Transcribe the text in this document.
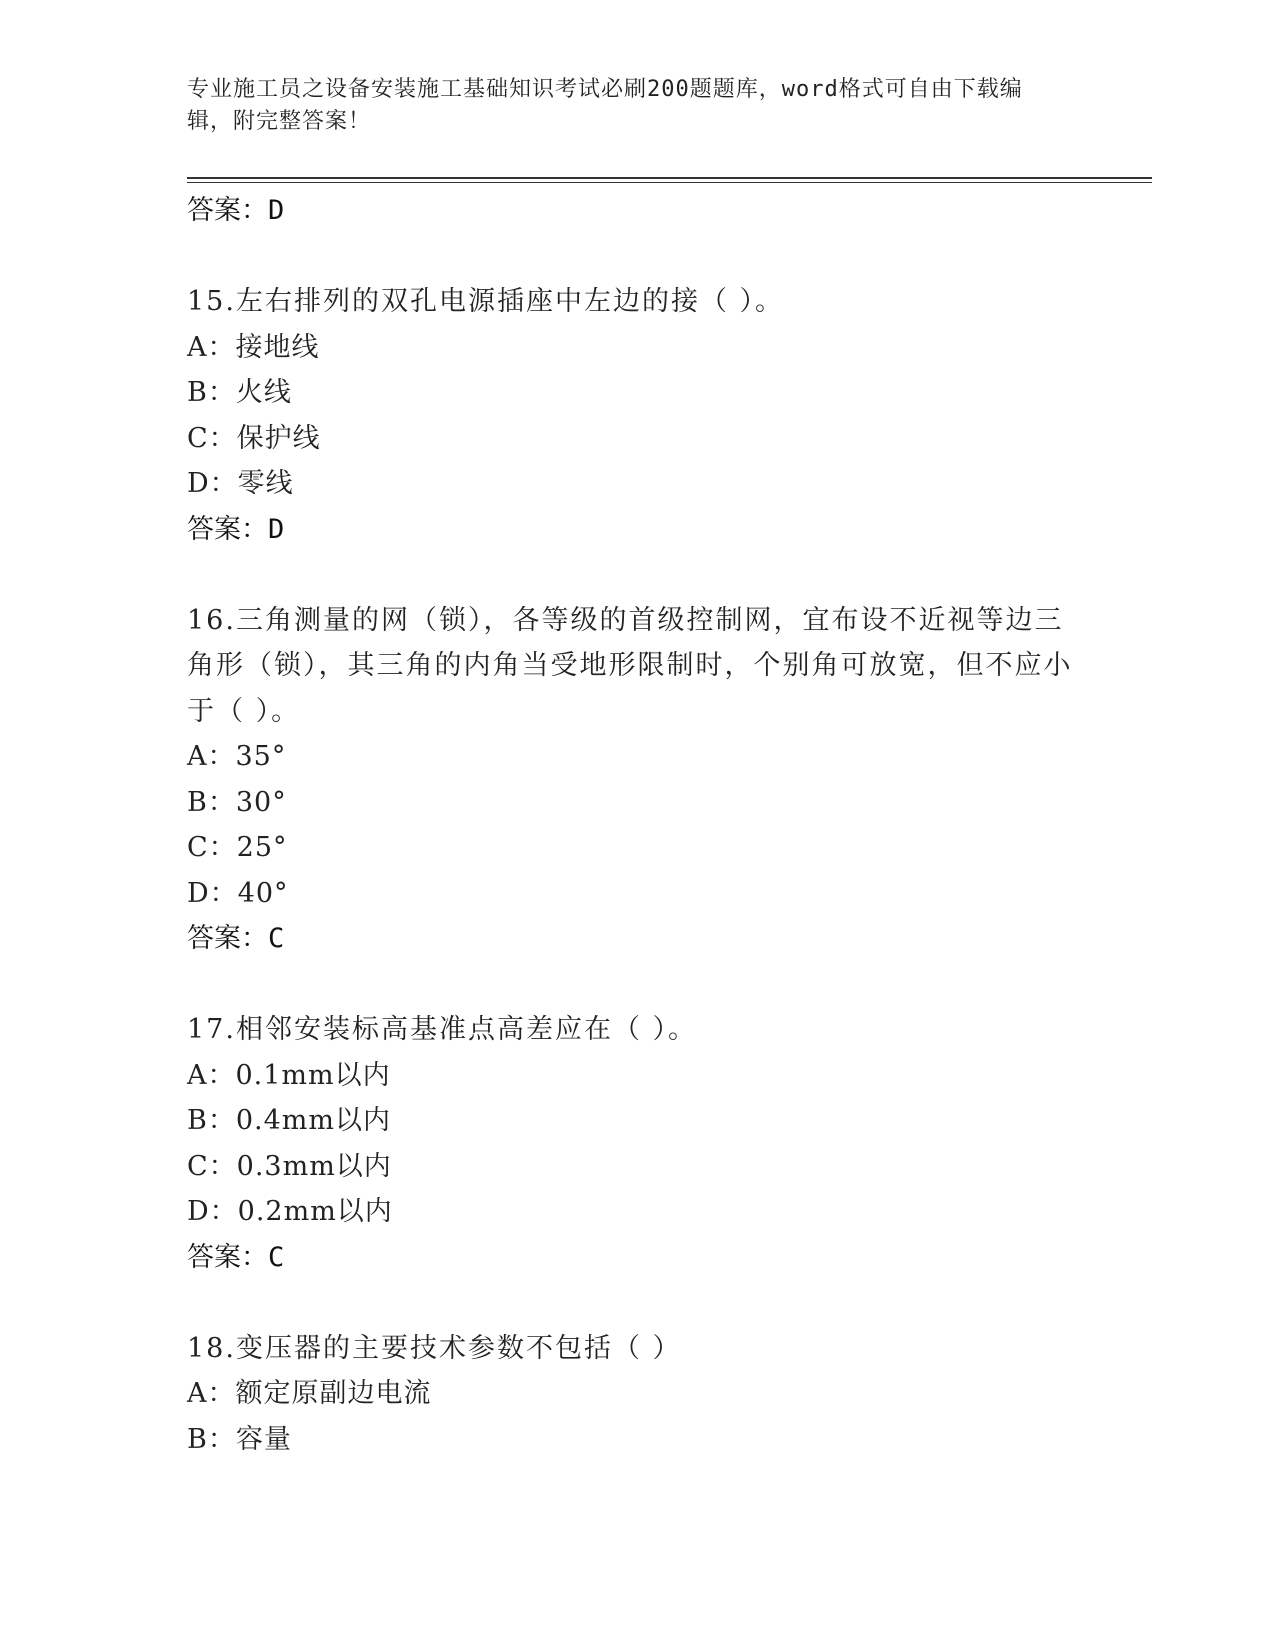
专业施工员之设备安装施工基础知识考试必刷200题题库，word格式可自由下载编辑，附完整答案！
答案：D
15.左右排列的双孔电源插座中左边的接（ ）。
A：接地线
B：火线
C：保护线
D：零线
答案：D
16.三角测量的网（锁），各等级的首级控制网，宜布设不近视等边三角形（锁），其三角的内角当受地形限制时，个别角可放宽，但不应小于（ ）。
A：35°
B：30°
C：25°
D：40°
答案：C
17.相邻安装标高基准点高差应在（ ）。
A：0.1mm以内
B：0.4mm以内
C：0.3mm以内
D：0.2mm以内
答案：C
18.变压器的主要技术参数不包括（ ）
A：额定原副边电流
B：容量
